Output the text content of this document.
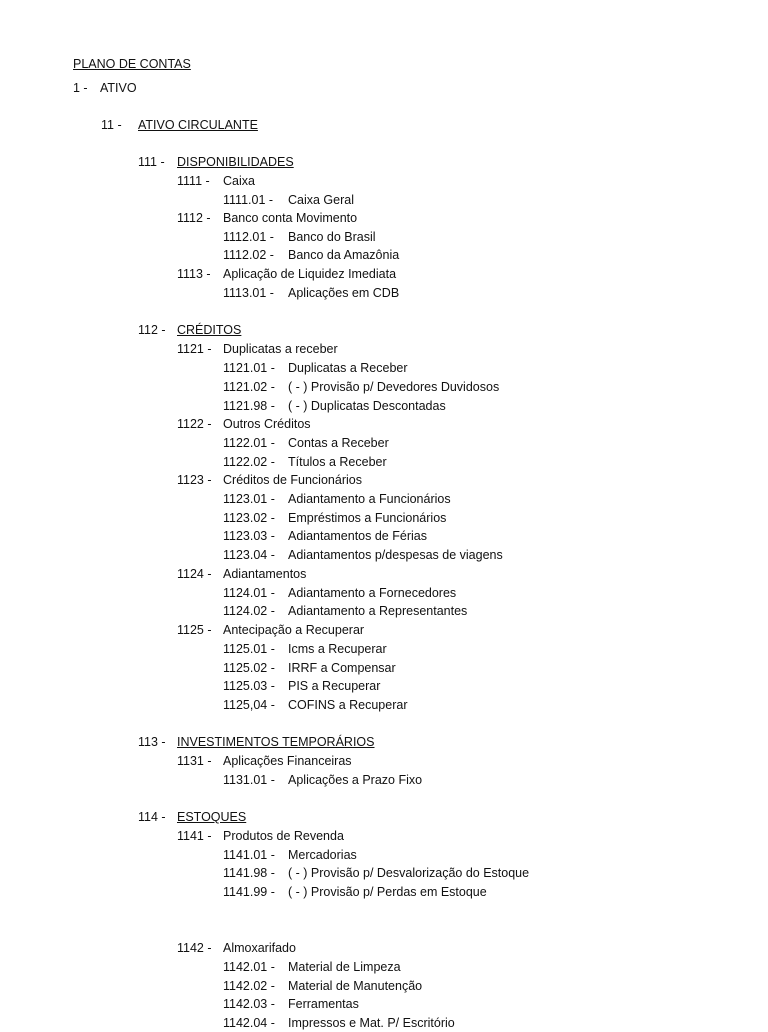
PLANO DE CONTAS
1 - ATIVO
11 - ATIVO CIRCULANTE
111 - DISPONIBILIDADES
1111 - Caixa
1111.01 - Caixa Geral
1112 - Banco conta Movimento
1112.01 - Banco do Brasil
1112.02 - Banco da Amazônia
1113 - Aplicação de Liquidez Imediata
1113.01 - Aplicações em CDB
112 - CRÉDITOS
1121 - Duplicatas a receber
1121.01 - Duplicatas a Receber
1121.02 - ( - ) Provisão p/ Devedores Duvidosos
1121.98 - ( - ) Duplicatas Descontadas
1122 - Outros Créditos
1122.01 - Contas a Receber
1122.02 - Títulos a Receber
1123 - Créditos de Funcionários
1123.01 - Adiantamento a Funcionários
1123.02 - Empréstimos a Funcionários
1123.03 - Adiantamentos de Férias
1123.04 - Adiantamentos p/despesas de viagens
1124 - Adiantamentos
1124.01 - Adiantamento a Fornecedores
1124.02 - Adiantamento a Representantes
1125 - Antecipação a Recuperar
1125.01 - Icms a Recuperar
1125.02 - IRRF a Compensar
1125.03 - PIS a Recuperar
1125,04 - COFINS a Recuperar
113 - INVESTIMENTOS TEMPORÁRIOS
1131 - Aplicações Financeiras
1131.01 - Aplicações a Prazo Fixo
114 - ESTOQUES
1141 - Produtos de Revenda
1141.01 - Mercadorias
1141.98 - ( - ) Provisão p/ Desvalorização do Estoque
1141.99 - ( - ) Provisão p/ Perdas em Estoque
1142 - Almoxarifado
1142.01 - Material de Limpeza
1142.02 - Material de Manutenção
1142.03 - Ferramentas
1142.04 - Impressos e Mat. P/ Escritório
